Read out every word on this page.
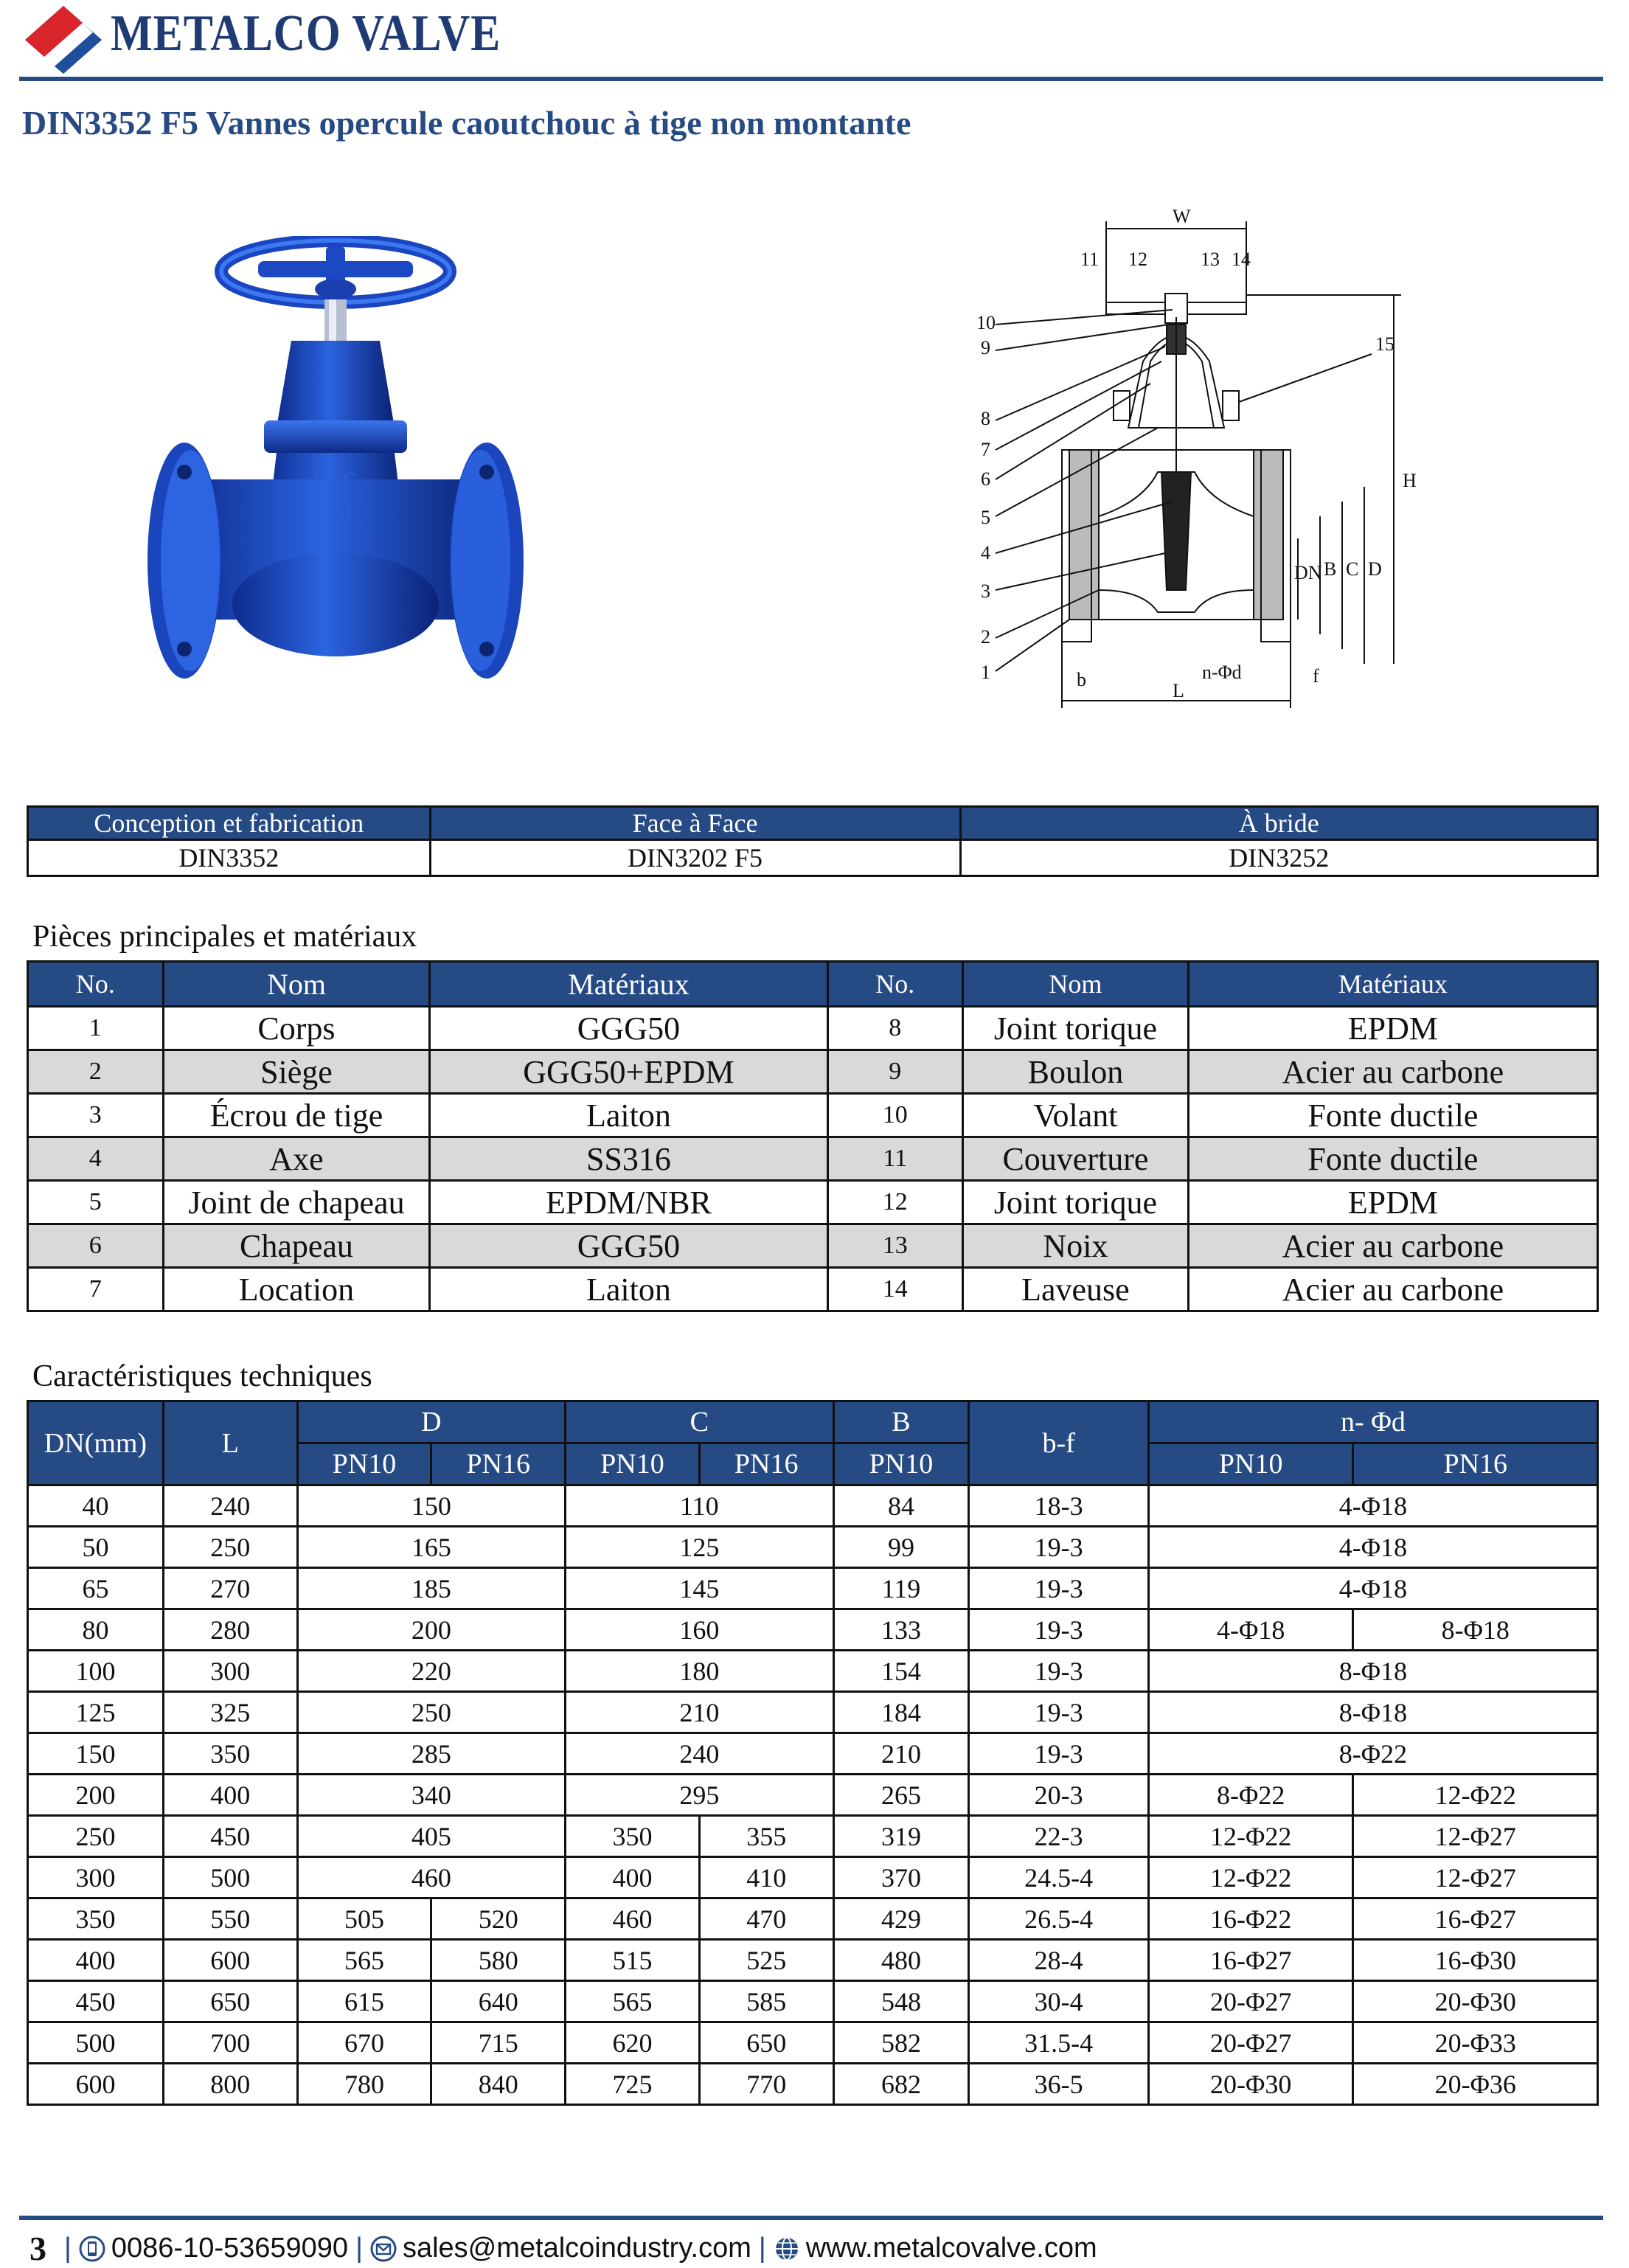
METALCO VALVE
DIN3352 F5 Vannes opercule caoutchouc à tige non montante
W
1
2
3
4
5
6
7
8
9
10
11 12	13 14
15
H
D
C
B
DN
L
b	f
n-Φd
Conception et fabrication	Face à Face	À bride
DIN3352	DIN3202 F5	DIN3252
Pièces principales et matériaux
No.	Nom	Matériaux	No.	Nom	Matériaux
1	Corps	GGG50	8	Joint torique	EPDM
2	Siège	GGG50+EPDM	9	Boulon	Acier au carbone
3	Écrou de tige	Laiton	10	Volant	Fonte ductile
4	Axe	SS316	11	Couverture	Fonte ductile
5	Joint de chapeau	EPDM/NBR	12	Joint torique	EPDM
6	Chapeau	GGG50	13	Noix	Acier au carbone
7	Location	Laiton	14	Laveuse	Acier au carbone
Caractéristiques techniques
DN(mm)	L	D		C		B	b-f	n- Φd	
		PN10	PN16	PN10	PN16	PN10		PN10	PN16
40	240	150		110		84	18-3	4-Φ18	
50	250	165		125		99	19-3	4-Φ18	
65	270	185		145		119	19-3	4-Φ18	
80	280	200		160		133	19-3	4-Φ18	8-Φ18
100	300	220		180		154	19-3	8-Φ18	
125	325	250		210		184	19-3	8-Φ18	
150	350	285		240		210	19-3	8-Φ22	
200	400	340		295		265	20-3	8-Φ22	12-Φ22
250	450	405		350	355	319	22-3	12-Φ22	12-Φ27
300	500	460		400	410	370	24.5-4	12-Φ22	12-Φ27
350	550	505	520	460	470	429	26.5-4	16-Φ22	16-Φ27
400	600	565	580	515	525	480	28-4	16-Φ27	16-Φ30
450	650	615	640	565	585	548	30-4	20-Φ27	20-Φ30
500	700	670	715	620	650	582	31.5-4	20-Φ27	20-Φ33
600	800	780	840	725	770	682	36-5	20-Φ30	20-Φ36
3 | 0086-10-53659090 | sales@metalcoindustry.com | www.metalcovalve.com
